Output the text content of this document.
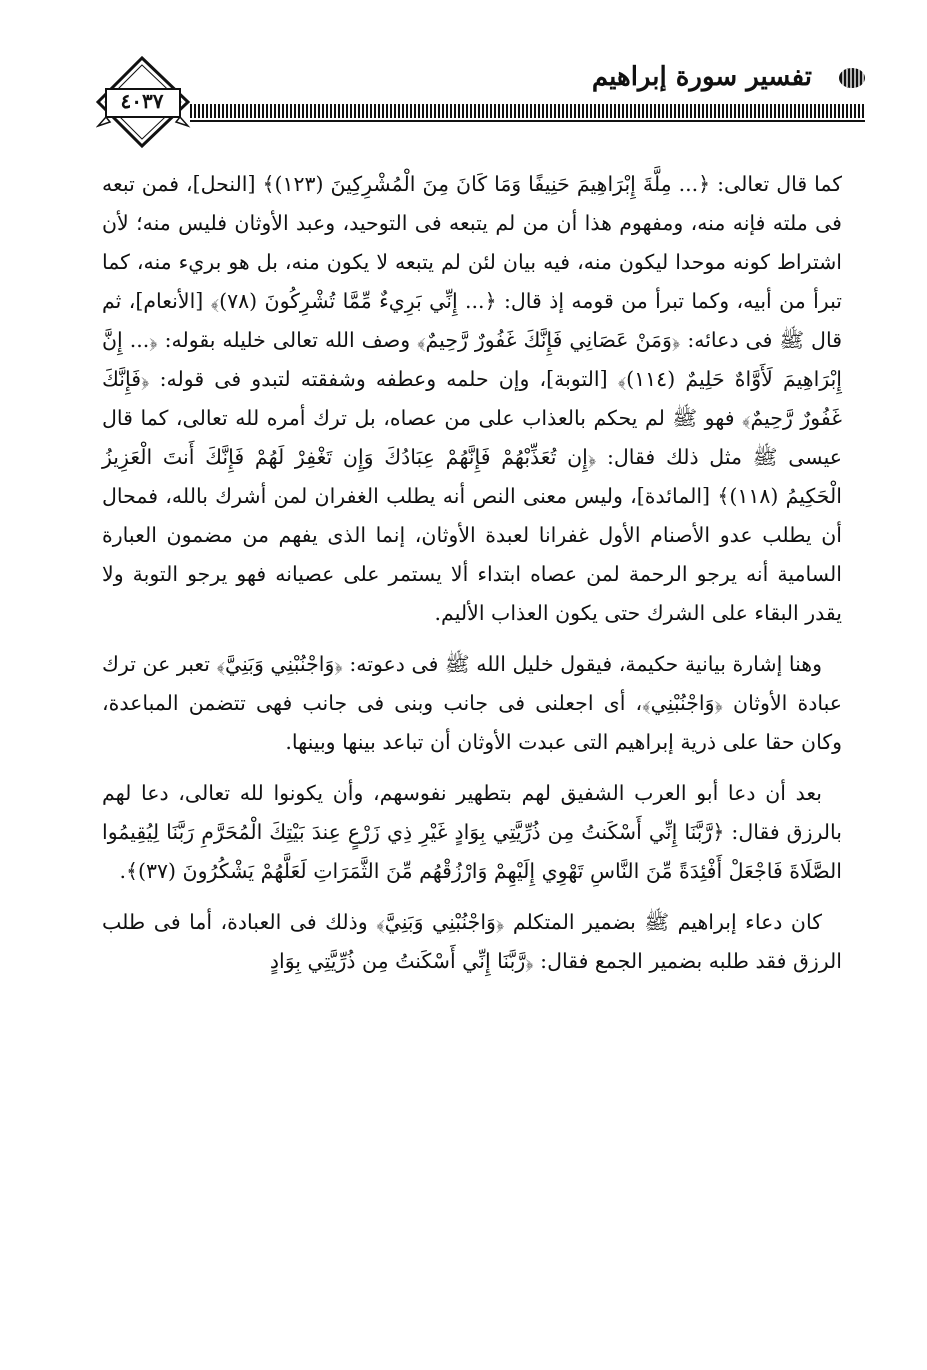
تفسير سورة إبراهيم
٤٠٣٧

كما قال تعالى: ﴿... مِلَّةَ إِبْرَاهِيمَ حَنِيفًا وَمَا كَانَ مِنَ الْمُشْرِكِينَ (١٢٣)﴾ [النحل]، فمن تبعه فى ملته فإنه منه، ومفهوم هذا أن من لم يتبعه فى التوحيد، وعبد الأوثان فليس منه؛ لأن اشتراط كونه موحدا ليكون منه، فيه بيان لئن لم يتبعه لا يكون منه، بل هو بريء منه، كما تبرأ من أبيه، وكما تبرأ من قومه إذ قال: ﴿... إِنِّي بَرِيءٌ مِّمَّا تُشْرِكُونَ (٧٨)﴾ [الأنعام]، ثم قال ﷺ فى دعائه: ﴿وَمَنْ عَصَانِي فَإِنَّكَ غَفُورٌ رَّحِيمٌ﴾ وصف الله تعالى خليله بقوله: ﴿... إِنَّ إِبْرَاهِيمَ لَأَوَّاهٌ حَلِيمٌ (١١٤)﴾ [التوبة]، وإن حلمه وعطفه وشفقته لتبدو فى قوله: ﴿فَإِنَّكَ غَفُورٌ رَّحِيمٌ﴾ فهو ﷺ لم يحكم بالعذاب على من عصاه، بل ترك أمره لله تعالى، كما قال عيسى ﷺ مثل ذلك فقال: ﴿إِن تُعَذِّبْهُمْ فَإِنَّهُمْ عِبَادُكَ وَإِن تَغْفِرْ لَهُمْ فَإِنَّكَ أَنتَ الْعَزِيزُ الْحَكِيمُ (١١٨)﴾ [المائدة]، وليس معنى النص أنه يطلب الغفران لمن أشرك بالله، فمحال أن يطلب عدو الأصنام الأول غفرانا لعبدة الأوثان، إنما الذى يفهم من مضمون العبارة السامية أنه يرجو الرحمة لمن عصاه ابتداء ألا يستمر على عصيانه فهو يرجو التوبة ولا يقدر البقاء على الشرك حتى يكون العذاب الأليم.

وهنا إشارة بيانية حكيمة، فيقول خليل الله ﷺ فى دعوته: ﴿وَاجْنُبْنِي وَبَنِيَّ﴾ تعبر عن ترك عبادة الأوثان ﴿وَاجْنُبْنِي﴾، أى اجعلنى فى جانب وبنى فى جانب فهى تتضمن المباعدة، وكان حقا على ذرية إبراهيم التى عبدت الأوثان أن تباعد بينها وبينها.

بعد أن دعا أبو العرب الشفيق لهم بتطهير نفوسهم، وأن يكونوا لله تعالى، دعا لهم بالرزق فقال: ﴿رَّبَّنَا إِنِّي أَسْكَنتُ مِن ذُرِّيَّتِي بِوَادٍ غَيْرِ ذِي زَرْعٍ عِندَ بَيْتِكَ الْمُحَرَّمِ رَبَّنَا لِيُقِيمُوا الصَّلَاةَ فَاجْعَلْ أَفْئِدَةً مِّنَ النَّاسِ تَهْوِي إِلَيْهِمْ وَارْزُقْهُم مِّنَ الثَّمَرَاتِ لَعَلَّهُمْ يَشْكُرُونَ (٣٧)﴾.

كان دعاء إبراهيم ﷺ بضمير المتكلم ﴿وَاجْنُبْنِي وَبَنِيَّ﴾ وذلك فى العبادة، أما فى طلب الرزق فقد طلبه بضمير الجمع فقال: ﴿رَّبَّنَا إِنِّي أَسْكَنتُ مِن ذُرِّيَّتِي بِوَادٍ
